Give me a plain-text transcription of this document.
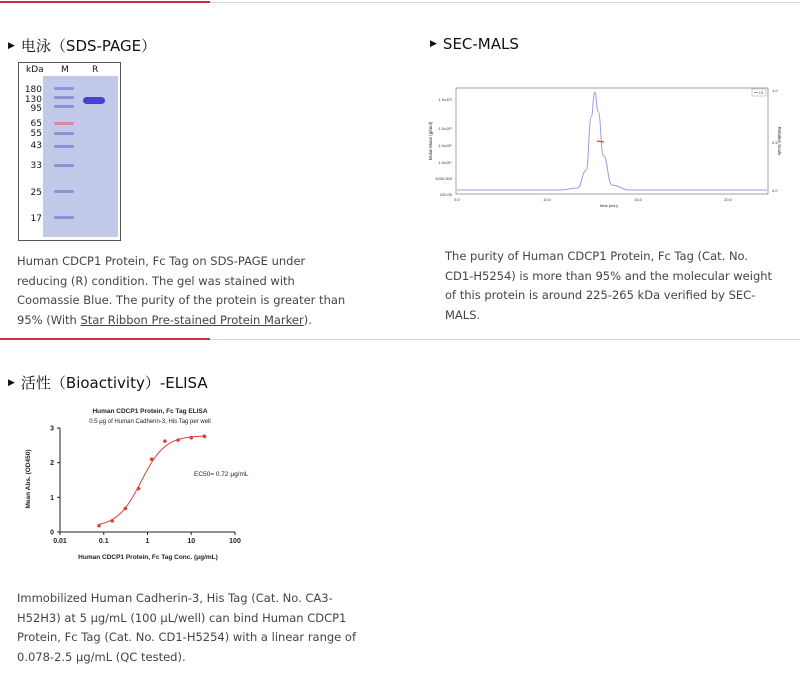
▶ 电泳（SDS-PAGE）
kDa M	R
180
130
95
65
55
43
33
25
17
Human CDCP1 Protein, Fc Tag on SDS-PAGE under reducing (R) condition. The gel was stained with Coomassie Blue. The purity of the protein is greater than 95% (With Star Ribbon Pre-stained Protein Marker).
▶ SEC-MALS
Molar Mass (g/mol)	Relative Scale
100.00
1000.000
1.0x10⁴
1.0x10⁵
1.0x10⁶
1.0x10⁷
5.0	10.0	15.0	20.0
time (min)
0.0
0.5
1.0
LS
The purity of Human CDCP1 Protein, Fc Tag (Cat. No. CD1-H5254) is more than 95% and the molecular weight of this protein is around 225-265 kDa verified by SEC-MALS.
▶ 活性（Bioactivity）-ELISA
Human CDCP1 Protein, Fc Tag ELISA
0.5 μg of Human Cadherin-3, His Tag per well
Mean Abs. (OD450)
Human CDCP1 Protein, Fc Tag Conc. (μg/mL)
0
1
2
3
0.01	0.1	1	10	100
EC50= 0.72 μg/mL
Immobilized Human Cadherin-3, His Tag (Cat. No. CA3-H52H3) at 5 μg/mL (100 μL/well) can bind Human CDCP1 Protein, Fc Tag (Cat. No. CD1-H5254) with a linear range of 0.078-2.5 μg/mL (QC tested).
